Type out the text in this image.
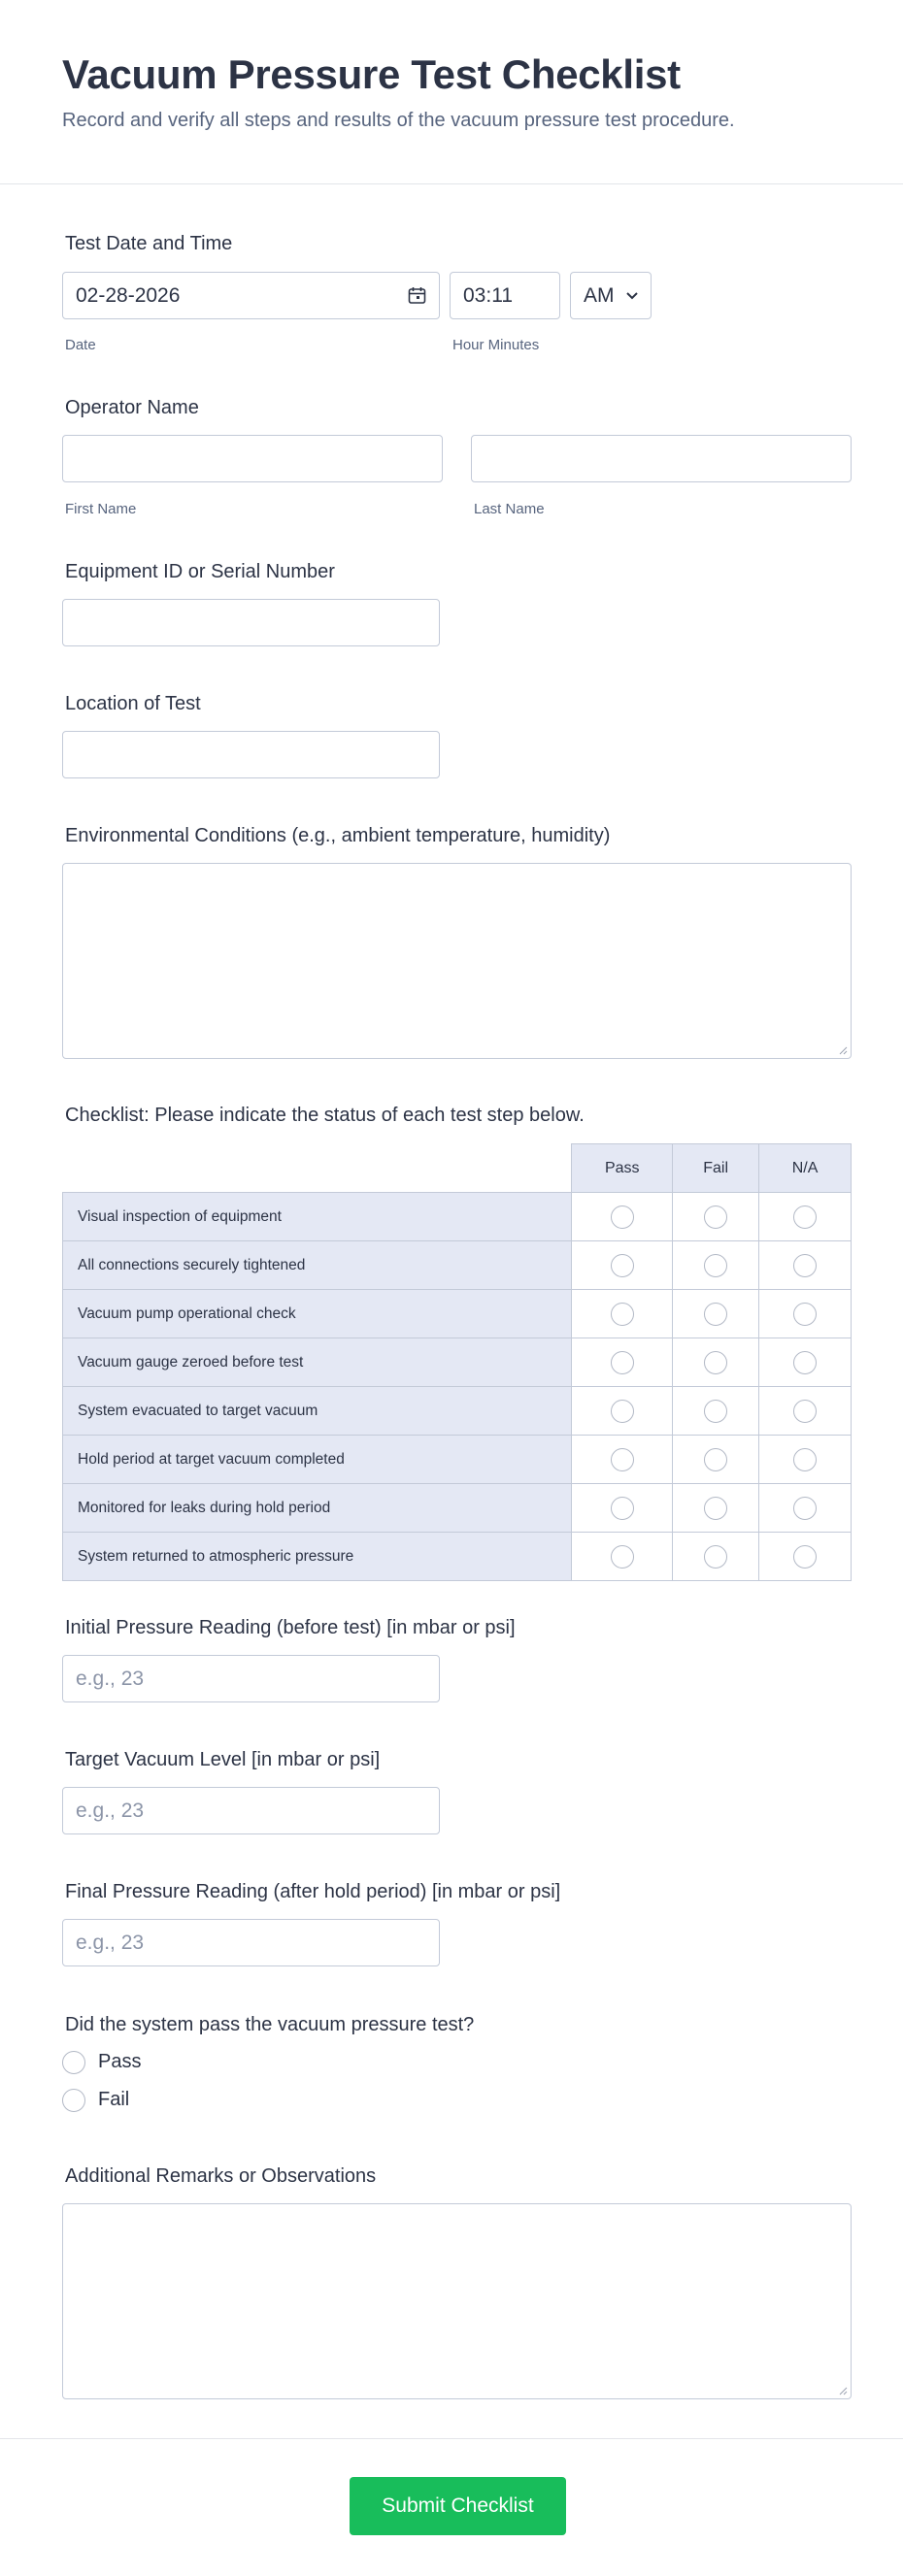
Vacuum Pressure Test Checklist

Record and verify all steps and results of the vacuum pressure test procedure.

Test Date and Time
02-28-2026
Date
03:11
Hour Minutes
AM
Operator Name
First Name	Last Name
Equipment ID or Serial Number
Location of Test
Environmental Conditions (e.g., ambient temperature, humidity)
Checklist: Please indicate the status of each test step below.
	Pass	Fail	N/A
Visual inspection of equipment			
All connections securely tightened			
Vacuum pump operational check			
Vacuum gauge zeroed before test			
System evacuated to target vacuum			
Hold period at target vacuum completed			
Monitored for leaks during hold period			
System returned to atmospheric pressure			
Initial Pressure Reading (before test) [in mbar or psi]
e.g., 23
Target Vacuum Level [in mbar or psi]
e.g., 23
Final Pressure Reading (after hold period) [in mbar or psi]
e.g., 23
Did the system pass the vacuum pressure test?
Pass
Fail
Additional Remarks or Observations
Submit Checklist
